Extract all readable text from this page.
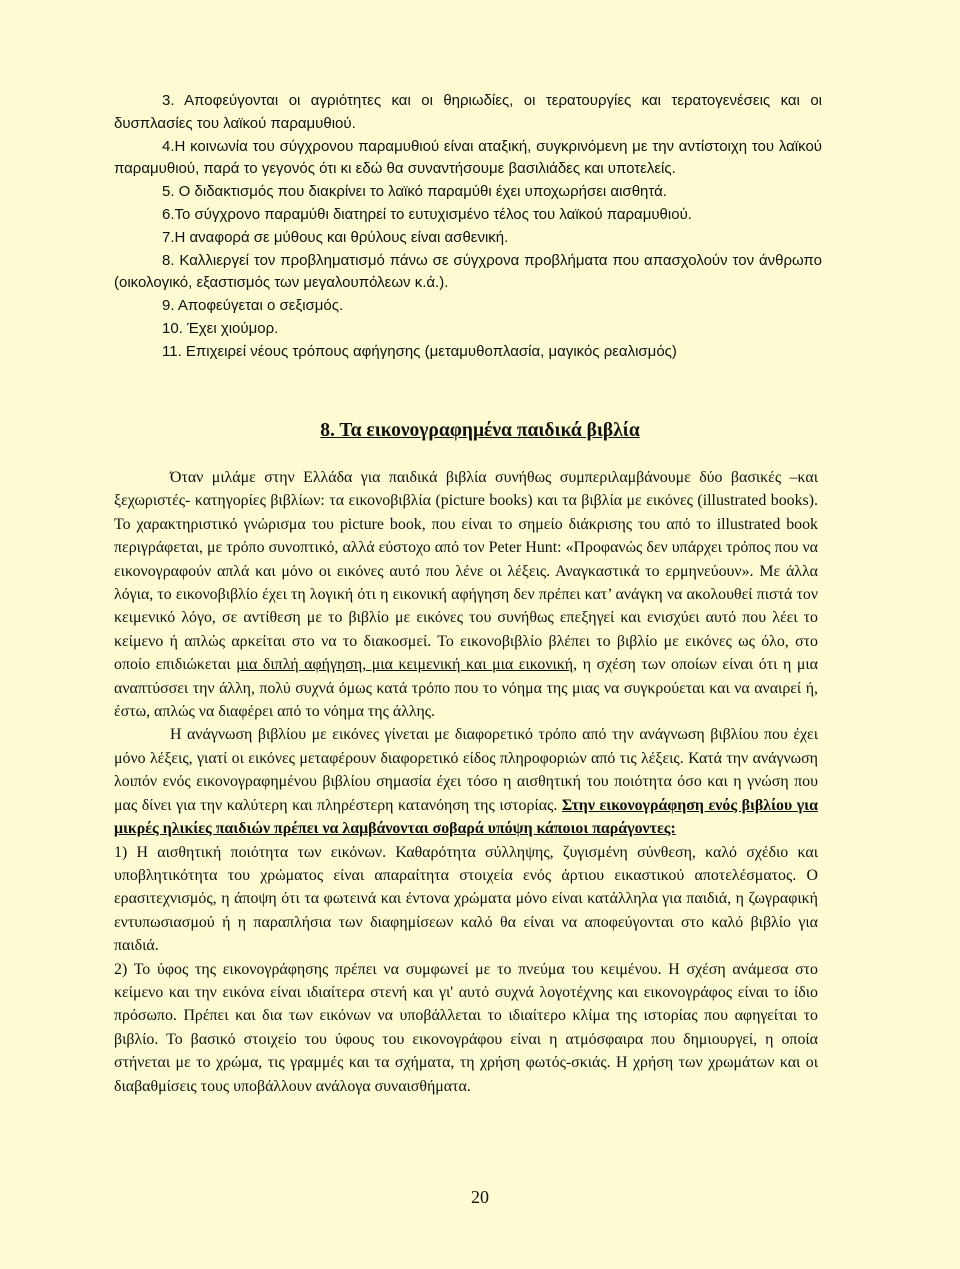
3. Αποφεύγονται οι αγριότητες και οι θηριωδίες, οι τερατουργίες και τερατογενέσεις και οι δυσπλασίες του λαϊκού παραμυθιού.

4.Η κοινωνία του σύγχρονου παραμυθιού είναι αταξική, συγκρινόμενη με την αντίστοιχη του λαϊκού παραμυθιού, παρά το γεγονός ότι κι εδώ θα συναντήσουμε βασιλιάδες και υποτελείς.

5. Ο διδακτισμός που διακρίνει το λαϊκό παραμύθι έχει υποχωρήσει αισθητά.

6.Το σύγχρονο παραμύθι διατηρεί το ευτυχισμένο τέλος του λαϊκού παραμυθιού.

7.Η αναφορά σε μύθους και θρύλους είναι ασθενική.

8. Καλλιεργεί τον προβληματισμό πάνω σε σύγχρονα προβλήματα που απασχολούν τον άνθρωπο (οικολογικό, εξαστισμός των μεγαλουπόλεων κ.ά.).

9. Αποφεύγεται ο σεξισμός.

10. Έχει χιούμορ.

11. Επιχειρεί νέους τρόπους αφήγησης (μεταμυθοπλασία, μαγικός ρεαλισμός)

8. Τα εικονογραφημένα παιδικά βιβλία

Όταν μιλάμε στην Ελλάδα για παιδικά βιβλία συνήθως συμπεριλαμβάνουμε δύο βασικές –και ξεχωριστές- κατηγορίες βιβλίων: τα εικονοβιβλία (picture books) και τα βιβλία με εικόνες (illustrated books). Το χαρακτηριστικό γνώρισμα του picture book, που είναι το σημείο διάκρισης του από το illustrated book περιγράφεται, με τρόπο συνοπτικό, αλλά εύστοχο από τον Peter Hunt: «Προφανώς δεν υπάρχει τρόπος που να εικονογραφούν απλά και μόνο οι εικόνες αυτό που λένε οι λέξεις. Αναγκαστικά το ερμηνεύουν». Με άλλα λόγια, το εικονοβιβλίο έχει τη λογική ότι η εικονική αφήγηση δεν πρέπει κατ’ ανάγκη να ακολουθεί πιστά τον κειμενικό λόγο, σε αντίθεση με το βιβλίο με εικόνες του συνήθως επεξηγεί και ενισχύει αυτό που λέει το κείμενο ή απλώς αρκείται στο να το διακοσμεί. Το εικονοβιβλίο βλέπει το βιβλίο με εικόνες ως όλο, στο οποίο επιδιώκεται μια διπλή αφήγηση, μια κειμενική και μια εικονική, η σχέση των οποίων είναι ότι η μια αναπτύσσει την άλλη, πολύ συχνά όμως κατά τρόπο που το νόημα της μιας να συγκρούεται και να αναιρεί ή, έστω, απλώς να διαφέρει από το νόημα της άλλης.

Η ανάγνωση βιβλίου με εικόνες γίνεται με διαφορετικό τρόπο από την ανάγνωση βιβλίου που έχει μόνο λέξεις, γιατί οι εικόνες μεταφέρουν διαφορετικό είδος πληροφοριών από τις λέξεις. Κατά την ανάγνωση λοιπόν ενός εικονογραφημένου βιβλίου σημασία έχει τόσο η αισθητική του ποιότητα όσο και η γνώση που μας δίνει για την καλύτερη και πληρέστερη κατανόηση της ιστορίας. Στην εικονογράφηση ενός βιβλίου για μικρές ηλικίες παιδιών πρέπει να λαμβάνονται σοβαρά υπόψη κάποιοι παράγοντες:

1) Η αισθητική ποιότητα των εικόνων. Καθαρότητα σύλληψης, ζυγισμένη σύνθεση, καλό σχέδιο και υποβλητικότητα του χρώματος είναι απαραίτητα στοιχεία ενός άρτιου εικαστικού αποτελέσματος. Ο ερασιτεχνισμός, η άποψη ότι τα φωτεινά και έντονα χρώματα μόνο είναι κατάλληλα για παιδιά, η ζωγραφική εντυπωσιασμού ή η παραπλήσια των διαφημίσεων καλό θα είναι να αποφεύγονται στο καλό βιβλίο για παιδιά.

2) Το ύφος της εικονογράφησης πρέπει να συμφωνεί με το πνεύμα του κειμένου. Η σχέση ανάμεσα στο κείμενο και την εικόνα είναι ιδιαίτερα στενή και γι' αυτό συχνά λογοτέχνης και εικονογράφος είναι το ίδιο πρόσωπο. Πρέπει και δια των εικόνων να υποβάλλεται το ιδιαίτερο κλίμα της ιστορίας που αφηγείται το βιβλίο. Το βασικό στοιχείο του ύφους του εικονογράφου είναι η ατμόσφαιρα που δημιουργεί, η οποία στήνεται με το χρώμα, τις γραμμές και τα σχήματα, τη χρήση φωτός-σκιάς. Η χρήση των χρωμάτων και οι διαβαθμίσεις τους υποβάλλουν ανάλογα συναισθήματα.

20
